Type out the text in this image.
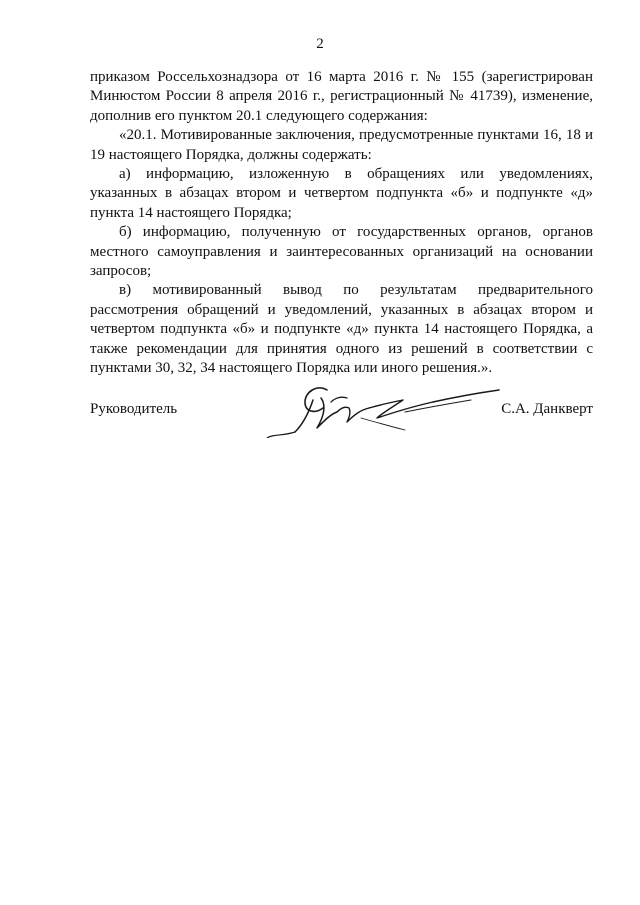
2

приказом Россельхознадзора от 16 марта 2016 г. № 155 (зарегистрирован Минюстом России 8 апреля 2016 г., регистрационный № 41739), изменение, дополнив его пунктом 20.1 следующего содержания:

«20.1. Мотивированные заключения, предусмотренные пунктами 16, 18 и 19 настоящего Порядка, должны содержать:

а) информацию, изложенную в обращениях или уведомлениях, указанных в абзацах втором и четвертом подпункта «б» и подпункте «д» пункта 14 настоящего Порядка;

б) информацию, полученную от государственных органов, органов местного самоуправления и заинтересованных организаций на основании запросов;

в) мотивированный вывод по результатам предварительного рассмотрения обращений и уведомлений, указанных в абзацах втором и четвертом подпункта «б» и подпункте «д» пункта 14 настоящего Порядка, а также рекомендации для принятия одного из решений в соответствии с пунктами 30, 32, 34 настоящего Порядка или иного решения.».

Руководитель	С.А. Данкверт
